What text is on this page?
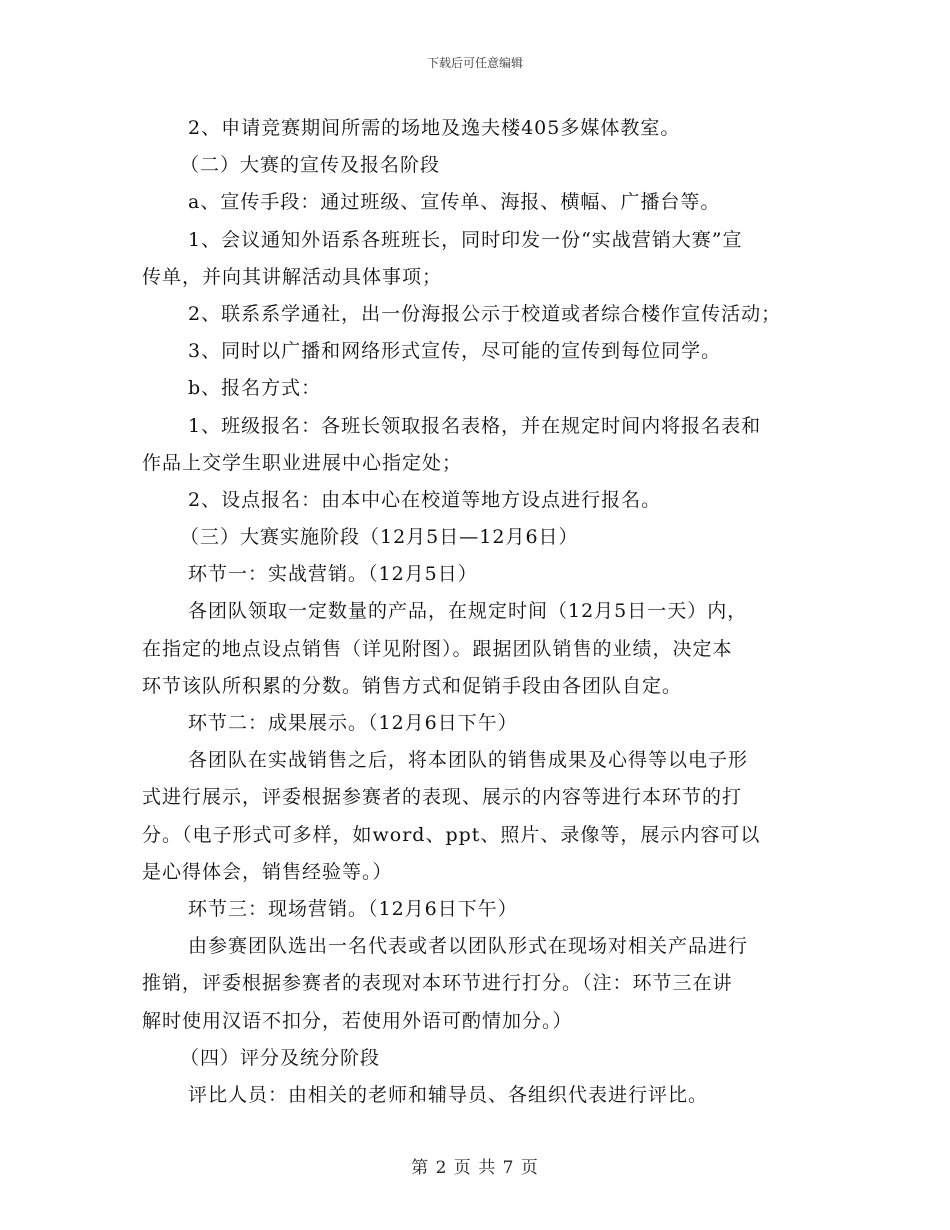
下载后可任意编辑
2、申请竞赛期间所需的场地及逸夫楼405多媒体教室。
（二）大赛的宣传及报名阶段
a、宣传手段：通过班级、宣传单、海报、横幅、广播台等。
1、会议通知外语系各班班长，同时印发一份“实战营销大赛”宣
传单，并向其讲解活动具体事项；
2、联系系学通社，出一份海报公示于校道或者综合楼作宣传活动；
3、同时以广播和网络形式宣传，尽可能的宣传到每位同学。
b、报名方式：
1、班级报名：各班长领取报名表格，并在规定时间内将报名表和
作品上交学生职业进展中心指定处；
2、设点报名：由本中心在校道等地方设点进行报名。
（三）大赛实施阶段（12月5日—12月6日）
环节一：实战营销。（12月5日）
各团队领取一定数量的产品，在规定时间（12月5日一天）内，
在指定的地点设点销售（详见附图）。跟据团队销售的业绩，决定本
环节该队所积累的分数。销售方式和促销手段由各团队自定。
环节二：成果展示。（12月6日下午）
各团队在实战销售之后，将本团队的销售成果及心得等以电子形
式进行展示，评委根据参赛者的表现、展示的内容等进行本环节的打
分。（电子形式可多样，如word、ppt、照片、录像等，展示内容可以
是心得体会，销售经验等。）
环节三：现场营销。（12月6日下午）
由参赛团队选出一名代表或者以团队形式在现场对相关产品进行
推销，评委根据参赛者的表现对本环节进行打分。（注：环节三在讲
解时使用汉语不扣分，若使用外语可酌情加分。）
（四）评分及统分阶段
评比人员：由相关的老师和辅导员、各组织代表进行评比。
第 2 页 共 7 页
